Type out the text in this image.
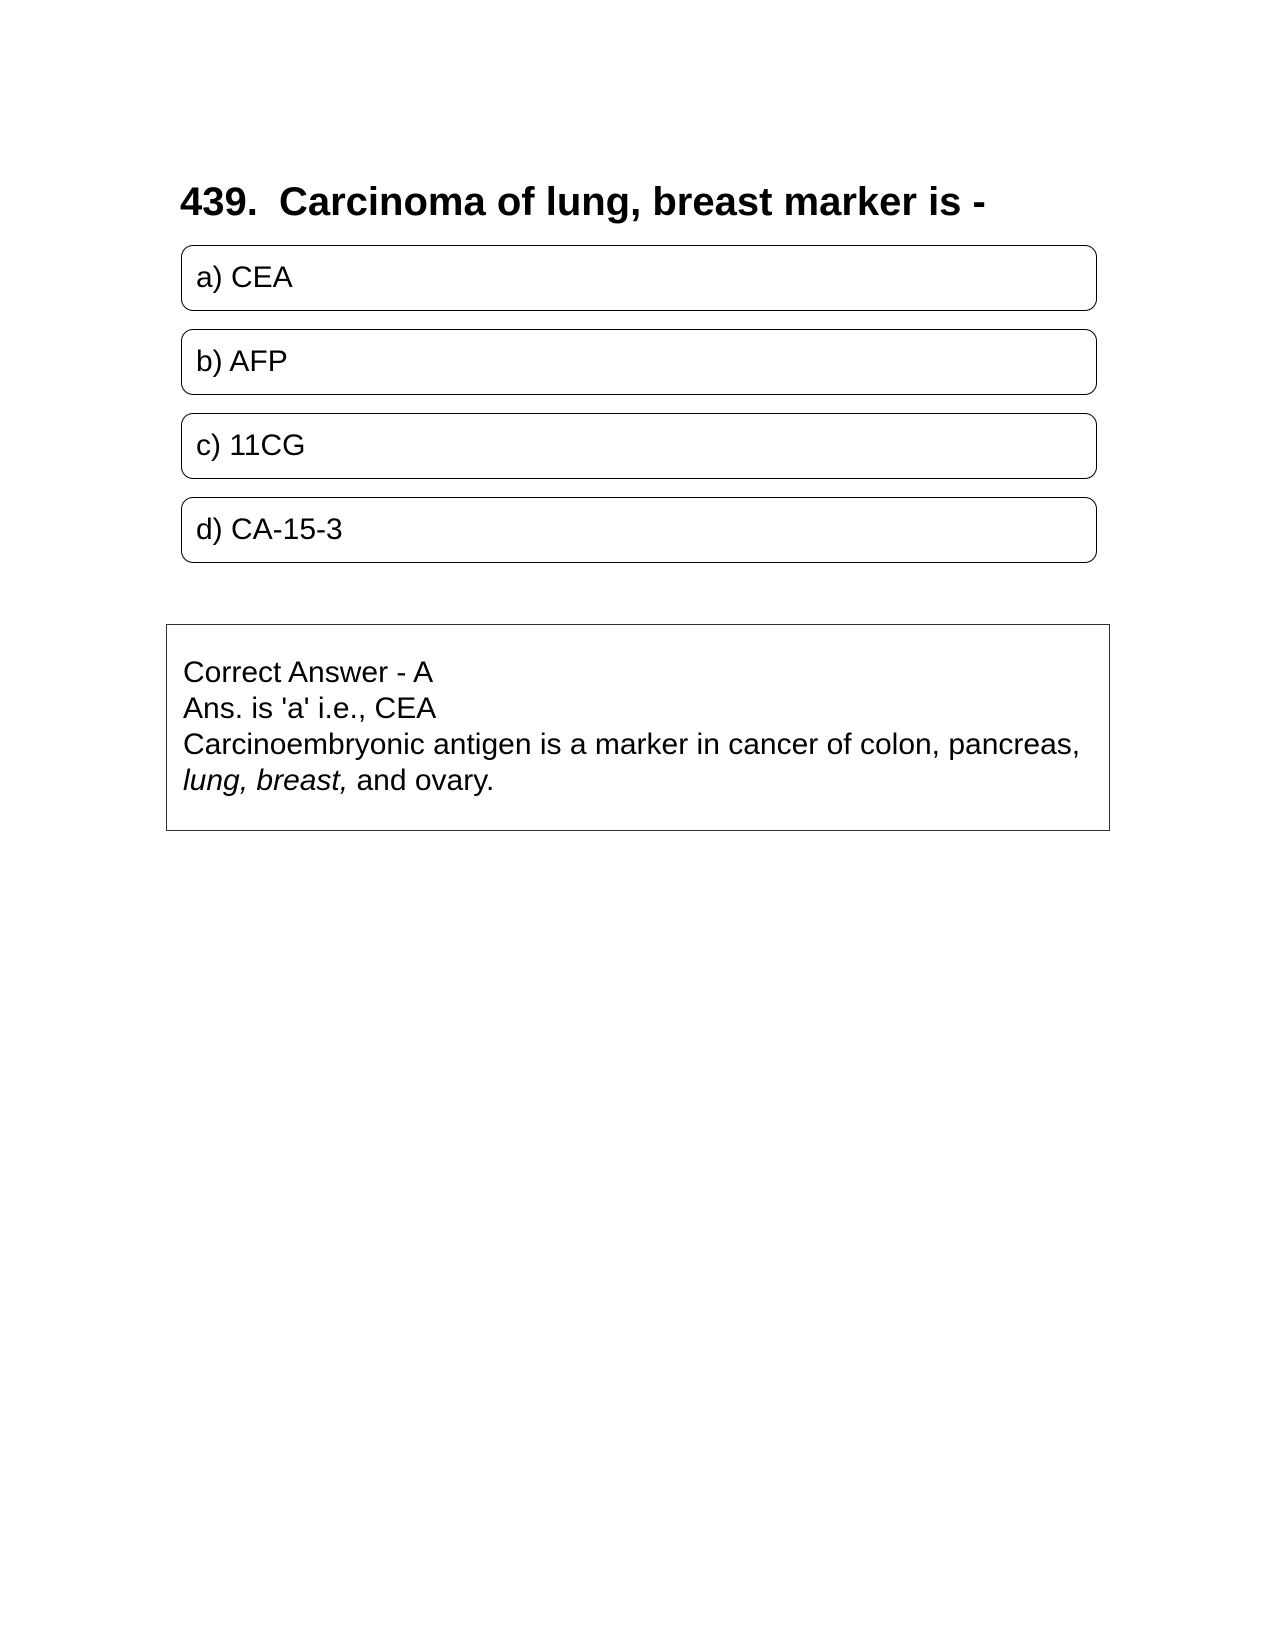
439. Carcinoma of lung, breast marker is -
a) CEA
b) AFP
c) 11CG
d) CA-15-3
Correct Answer - A
Ans. is 'a' i.e., CEA
Carcinoembryonic antigen is a marker in cancer of colon, pancreas,
lung, breast, and ovary.
